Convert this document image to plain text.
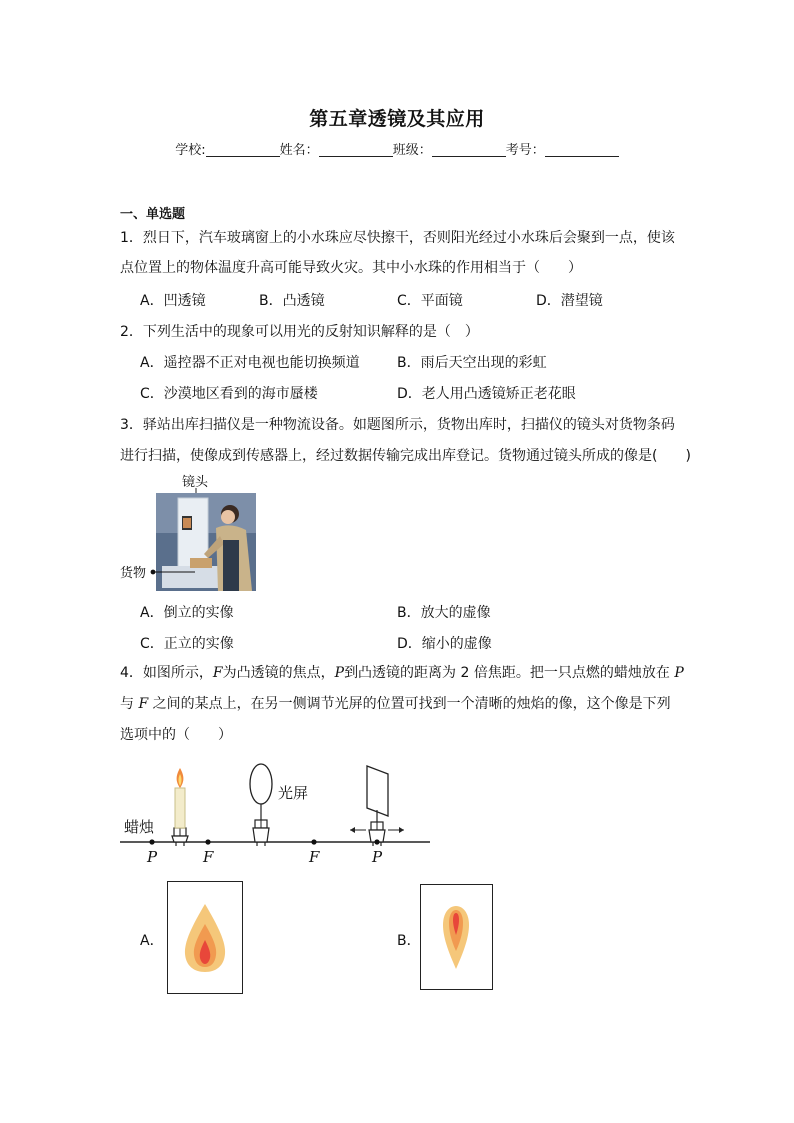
第五章透镜及其应用
学校:	姓名：	班级：	考号：
一、单选题
1．烈日下，汽车玻璃窗上的小水珠应尽快擦干，否则阳光经过小水珠后会聚到一点，使该
点位置上的物体温度升高可能导致火灾。其中小水珠的作用相当于（　　）
A．凹透镜	B．凸透镜	C．平面镜	D．潜望镜
2．下列生活中的现象可以用光的反射知识解释的是（　）
A．遥控器不正对电视也能切换频道	B．雨后天空出现的彩虹
C．沙漠地区看到的海市蜃楼	D．老人用凸透镜矫正老花眼
3．驿站出库扫描仪是一种物流设备。如题图所示，货物出库时，扫描仪的镜头对货物条码
进行扫描，使像成到传感器上，经过数据传输完成出库登记。货物通过镜头所成的像是(　　)
镜头
货物
A．倒立的实像	B．放大的虚像
C．正立的实像	D．缩小的虚像
4．如图所示，F为凸透镜的焦点，P到凸透镜的距离为 2 倍焦距。把一只点燃的蜡烛放在 P
与 F 之间的某点上，在另一侧调节光屏的位置可找到一个清晰的烛焰的像，这个像是下列
选项中的（　　）
蜡烛
光屏
P	F	F	P
A．	B．
